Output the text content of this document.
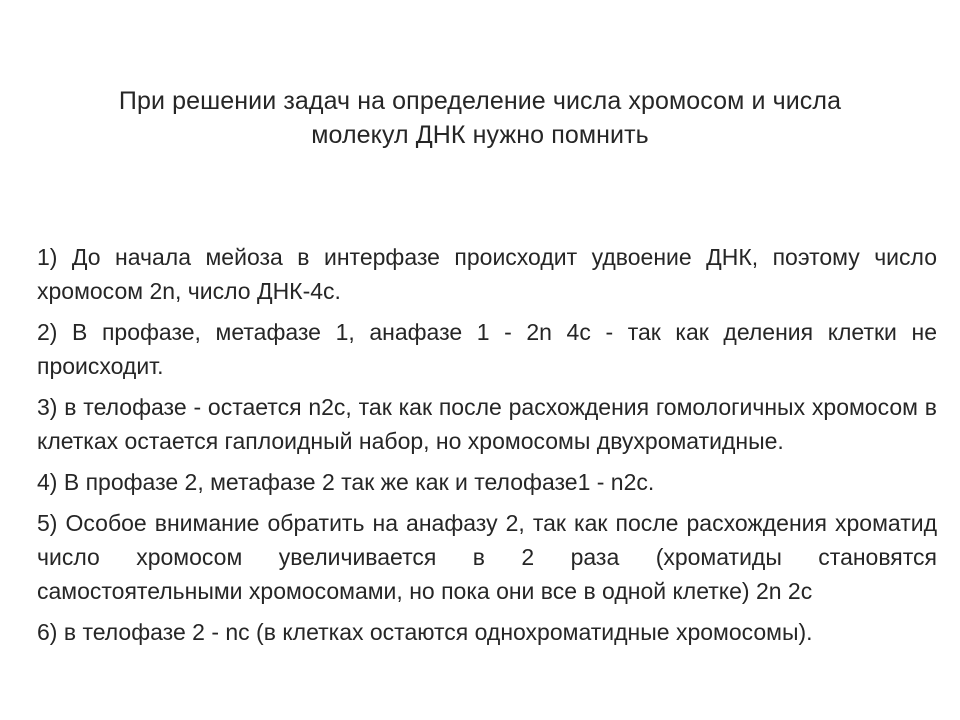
При решении задач на определение числа хромосом и числа
молекул ДНК нужно помнить

1) До начала мейоза в интерфазе происходит удвоение ДНК, поэтому число хромосом 2n, число ДНК-4c.

2) В профазе, метафазе 1, анафазе 1 - 2n 4c - так как деления клетки не происходит.

3) в телофазе - остается n2c, так как после расхождения гомологичных хромосом в клетках остается гаплоидный набор, но хромосомы двухроматидные.

4) В профазе 2, метафазе 2 так же как и телофазе1 - n2c.

5) Особое внимание обратить на анафазу 2, так как после расхождения хроматид число хромосом увеличивается в 2 раза (хроматиды становятся самостоятельными хромосомами, но пока они все в одной клетке) 2n 2c

6) в телофазе 2 - nc (в клетках остаются однохроматидные хромосомы).
